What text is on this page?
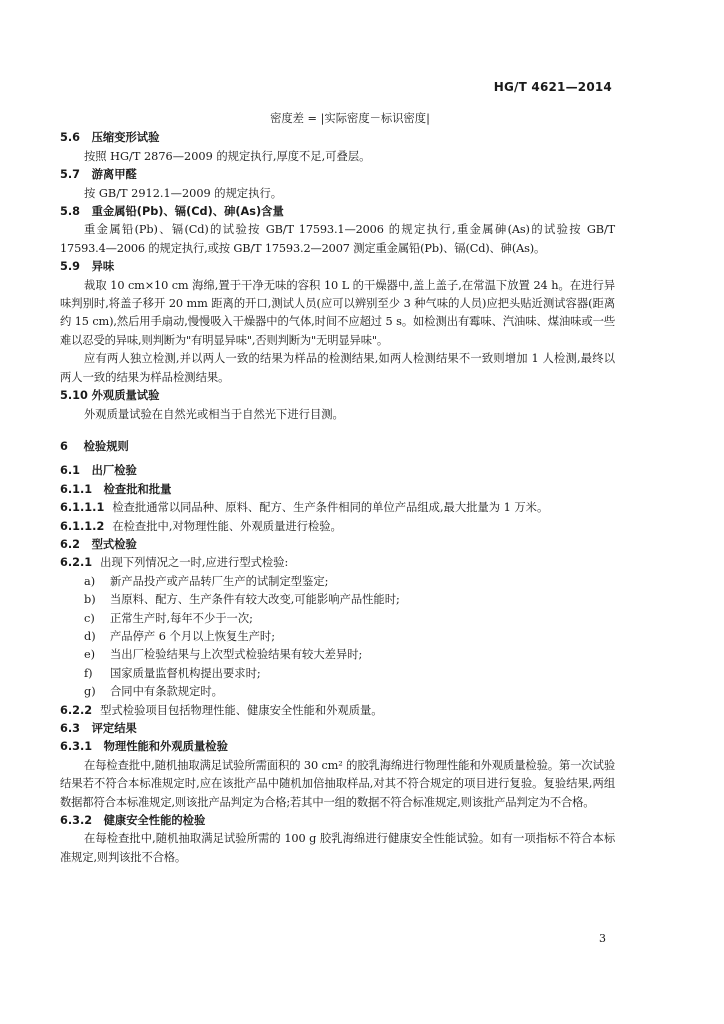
HG/T 4621—2014

密度差 = |实际密度－标识密度|

5.6 压缩变形试验

按照 HG/T 2876—2009 的规定执行,厚度不足,可叠层。

5.7 游离甲醛

按 GB/T 2912.1—2009 的规定执行。

5.8 重金属铅(Pb)、镉(Cd)、砷(As)含量

重金属铅(Pb)、镉(Cd)的试验按 GB/T 17593.1—2006 的规定执行,重金属砷(As)的试验按 GB/T 17593.4—2006 的规定执行,或按 GB/T 17593.2—2007 测定重金属铅(Pb)、镉(Cd)、砷(As)。

5.9 异味

裁取 10 cm×10 cm 海绵,置于干净无味的容积 10 L 的干燥器中,盖上盖子,在常温下放置 24 h。在进行异味判别时,将盖子移开 20 mm 距离的开口,测试人员(应可以辨别至少 3 种气味的人员)应把头贴近测试容器(距离约 15 cm),然后用手扇动,慢慢吸入干燥器中的气体,时间不应超过 5 s。如检测出有霉味、汽油味、煤油味或一些难以忍受的异味,则判断为"有明显异味",否则判断为"无明显异味"。

应有两人独立检测,并以两人一致的结果为样品的检测结果,如两人检测结果不一致则增加 1 人检测,最终以两人一致的结果为样品检测结果。

5.10 外观质量试验

外观质量试验在自然光或相当于自然光下进行目测。

6 检验规则

6.1 出厂检验

6.1.1 检查批和批量

6.1.1.1 检查批通常以同品种、原料、配方、生产条件相同的单位产品组成,最大批量为 1 万米。

6.1.1.2 在检查批中,对物理性能、外观质量进行检验。

6.2 型式检验

6.2.1 出现下列情况之一时,应进行型式检验:

a) 新产品投产或产品转厂生产的试制定型鉴定;

b) 当原料、配方、生产条件有较大改变,可能影响产品性能时;

c) 正常生产时,每年不少于一次;

d) 产品停产 6 个月以上恢复生产时;

e) 当出厂检验结果与上次型式检验结果有较大差异时;

f) 国家质量监督机构提出要求时;

g) 合同中有条款规定时。

6.2.2 型式检验项目包括物理性能、健康安全性能和外观质量。

6.3 评定结果

6.3.1 物理性能和外观质量检验

在每检查批中,随机抽取满足试验所需面积的 30 cm² 的胶乳海绵进行物理性能和外观质量检验。第一次试验结果若不符合本标准规定时,应在该批产品中随机加倍抽取样品,对其不符合规定的项目进行复验。复验结果,两组数据都符合本标准规定,则该批产品判定为合格;若其中一组的数据不符合标准规定,则该批产品判定为不合格。

6.3.2 健康安全性能的检验

在每检查批中,随机抽取满足试验所需的 100 g 胶乳海绵进行健康安全性能试验。如有一项指标不符合本标准规定,则判该批不合格。

3
